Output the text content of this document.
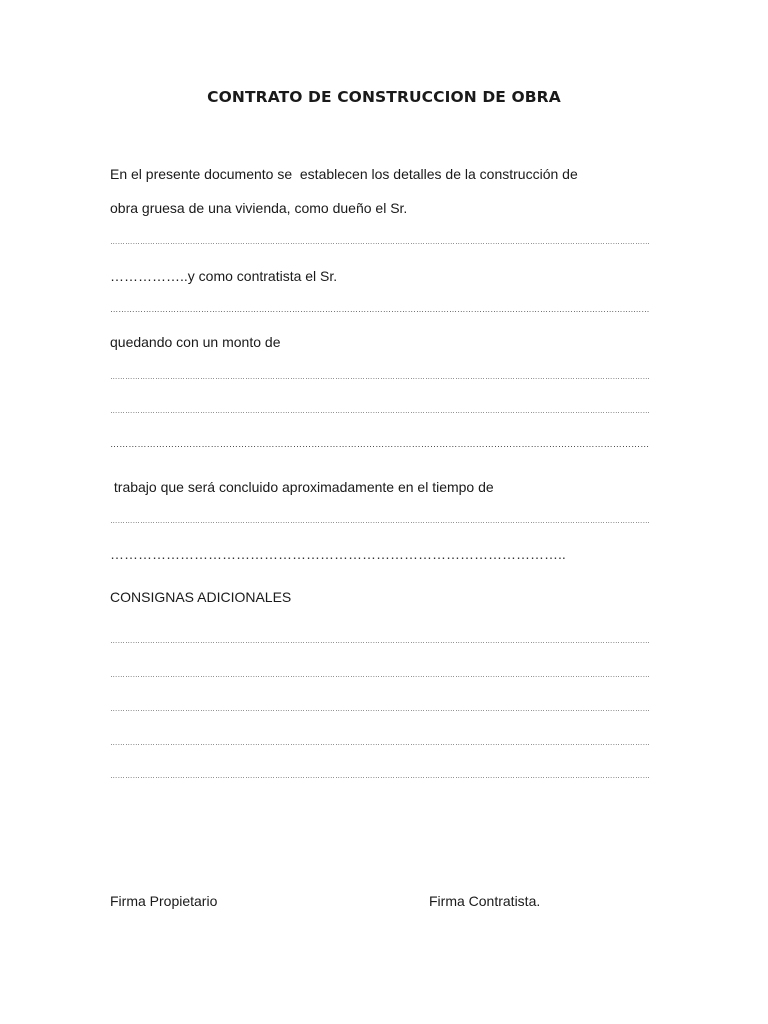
CONTRATO DE CONSTRUCCION DE OBRA
En el presente documento se  establecen los detalles de la construcción de
obra gruesa de una vivienda, como dueño el Sr.
………………………………………………………………………………………………………………………………………………………………………………………………
……………..y como contratista el Sr.
……………………………………………………………………………………………………………………………………………………………………….……
quedando con un monto de
………………………………………………………………………………………………………………………………………………………………………………………………
………………………………………………………………………………………………………………………………………………………………………………………………
……………………………………………………………………………………………………………………………………………………………
trabajo que será concluido aproximadamente en el tiempo de
………………………………………………………………………………………………………………………………………………………………………………………………
……………………………………………………………………………………..
CONSIGNAS ADICIONALES
………………………………………………………………………………………………………………………………………………………………………………………………
………………………………………………………………………………………………………………………………………………………………………………………………
………………………………………………………………………………………………………………………………………………………………………………………………
………………………………………………………………………………………………………………………………………………………………………………………………
………………………………………………………………………………………………………………………………………………………………………………………………
Firma Propietario	Firma Contratista.
